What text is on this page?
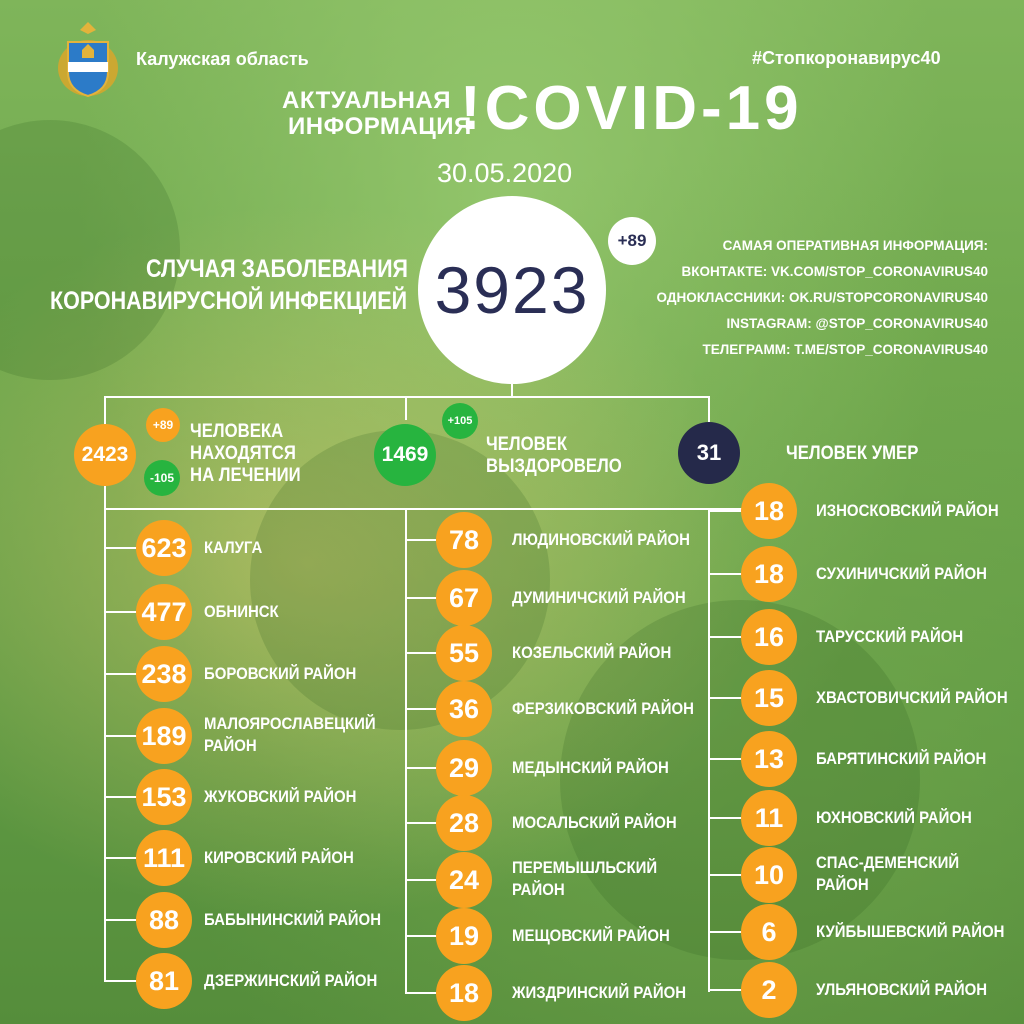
Калужская область	#Стопкоронавирус40
АКТУАЛЬНАЯ
ИНФОРМАЦИЯ
!COVID-19
30.05.2020
СЛУЧАЯ ЗАБОЛЕВАНИЯ
КОРОНАВИРУСНОЙ ИНФЕКЦИЕЙ 3923
+89	САМАЯ ОПЕРАТИВНАЯ ИНФОРМАЦИЯ:
ВКОНТАКТЕ: VK.COM/STOP_CORONAVIRUS40
ОДНОКЛАССНИКИ: OK.RU/STOPCORONAVIRUS40
INSTAGRAM: @STOP_CORONAVIRUS40
ТЕЛЕГРАММ: T.ME/STOP_CORONAVIRUS40
2423
+89
-105
ЧЕЛОВЕКА
НАХОДЯТСЯ
НА ЛЕЧЕНИИ
1469
+105
ЧЕЛОВЕК
ВЫЗДОРОВЕЛО
31	ЧЕЛОВЕК УМЕР
623 КАЛУГА
477 ОБНИНСК
238 БОРОВСКИЙ РАЙОН
189 МАЛОЯРОСЛАВЕЦКИЙ
РАЙОН
153 ЖУКОВСКИЙ РАЙОН
111 КИРОВСКИЙ РАЙОН
88 БАБЫНИНСКИЙ РАЙОН
81 ДЗЕРЖИНСКИЙ РАЙОН
78 ЛЮДИНОВСКИЙ РАЙОН
67 ДУМИНИЧСКИЙ РАЙОН
55 КОЗЕЛЬСКИЙ РАЙОН
36 ФЕРЗИКОВСКИЙ РАЙОН
29 МЕДЫНСКИЙ РАЙОН
28 МОСАЛЬСКИЙ РАЙОН
24 ПЕРЕМЫШЛЬСКИЙ
РАЙОН
19 МЕЩОВСКИЙ РАЙОН
18 ЖИЗДРИНСКИЙ РАЙОН
18 ИЗНОСКОВСКИЙ РАЙОН
18 СУХИНИЧСКИЙ РАЙОН
16 ТАРУССКИЙ РАЙОН
15 ХВАСТОВИЧСКИЙ РАЙОН
13 БАРЯТИНСКИЙ РАЙОН
11 ЮХНОВСКИЙ РАЙОН
10 СПАС-ДЕМЕНСКИЙ
РАЙОН
6 КУЙБЫШЕВСКИЙ РАЙОН
2 УЛЬЯНОВСКИЙ РАЙОН
